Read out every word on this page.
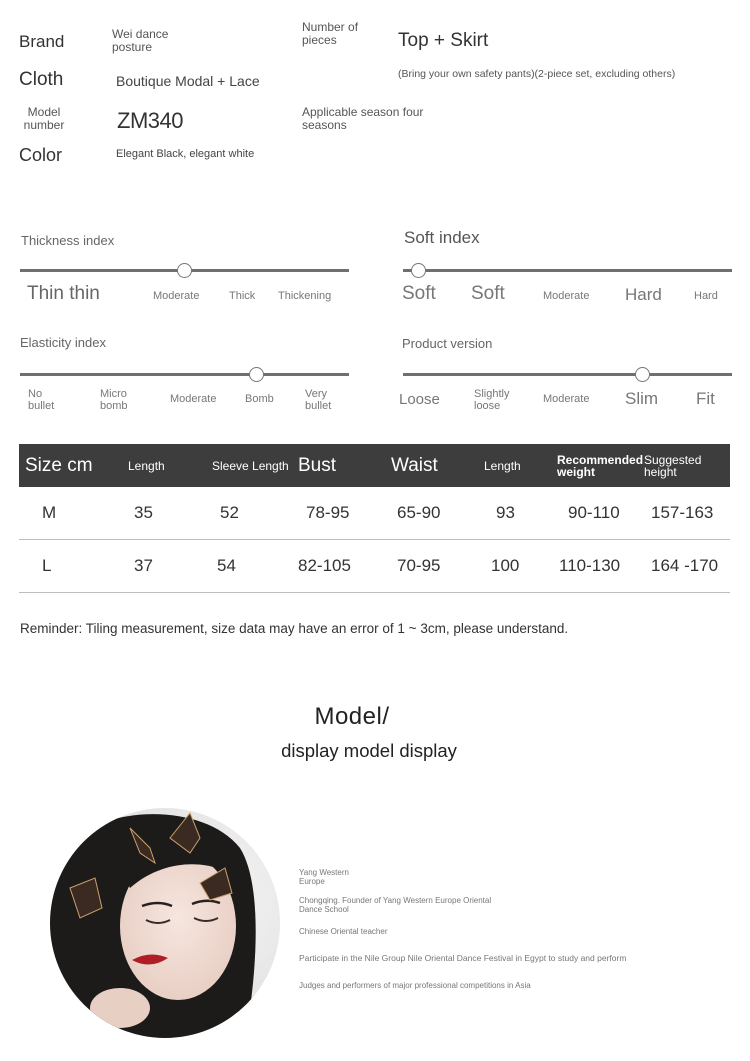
Brand	Wei dance posture
Number of pieces	Top + Skirt
Cloth	Boutique Modal + Lace	(Bring your own safety pants)(2-piece set, excluding others)
Model number ZM340	Applicable season four seasons
Color	Elegant Black, elegant white
Thickness index
Thin thin	Moderate	Thick Thickening
Soft index
Soft Soft	Moderate Hard	Hard
Elasticity index
No bullet
Micro bomb
Moderate	Bomb	Very bullet
Product version
Loose	Slightly loose
Moderate Slim Fit
Size cm	Length	Sleeve Length	Bust	Waist	Length	Recommended weight	Suggested height
M	35	52	78-95	65-90	93	90-110	157-163
L	37	54	82-105	70-95	100	110-130	164 -170
Reminder: Tiling measurement, size data may have an error of 1 ~ 3cm, please understand.
Model/
display model display
Yang Western Europe
Chongqing. Founder of Yang Western Europe Oriental Dance School
Chinese Oriental teacher
Participate in the Nile Group Nile Oriental Dance Festival in Egypt to study and perform
Judges and performers of major professional competitions in Asia
